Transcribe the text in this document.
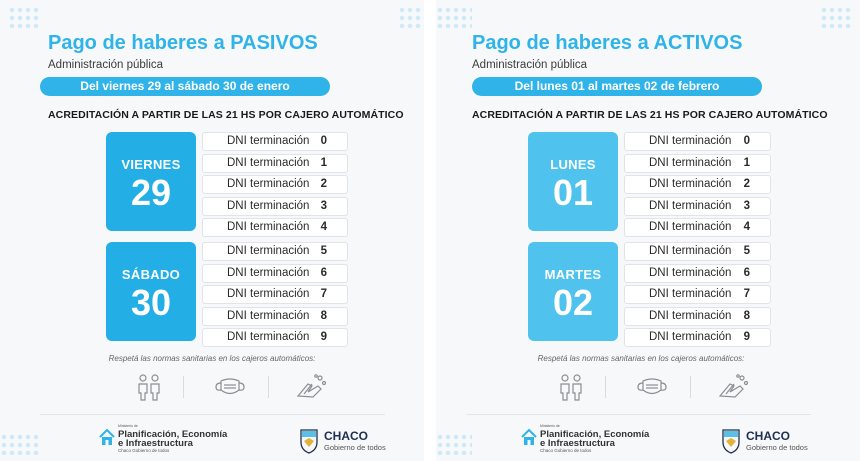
Pago de haberes a PASIVOS
Administración pública
Del viernes 29 al sábado 30 de enero
ACREDITACIÓN A PARTIR DE LAS 21 HS POR CAJERO AUTOMÁTICO
VIERNES
29
DNI terminación 0
DNI terminación 1
DNI terminación 2
DNI terminación 3
DNI terminación 4
SÁBADO
30
DNI terminación 5
DNI terminación 6
DNI terminación 7
DNI terminación 8
DNI terminación 9
Respetá las normas sanitarias en los cajeros automáticos:
Ministerio de
Planificación, Economía
e Infraestructura
Chaco Gobierno de todos
CHACO
Gobierno de todos
Pago de haberes a ACTIVOS
Administración pública
Del lunes 01 al martes 02 de febrero
ACREDITACIÓN A PARTIR DE LAS 21 HS POR CAJERO AUTOMÁTICO
LUNES
01
DNI terminación 0
DNI terminación 1
DNI terminación 2
DNI terminación 3
DNI terminación 4
MARTES
02
DNI terminación 5
DNI terminación 6
DNI terminación 7
DNI terminación 8
DNI terminación 9
Respetá las normas sanitarias en los cajeros automáticos:
Ministerio de
Planificación, Economía
e Infraestructura
Chaco Gobierno de todos
CHACO
Gobierno de todos
